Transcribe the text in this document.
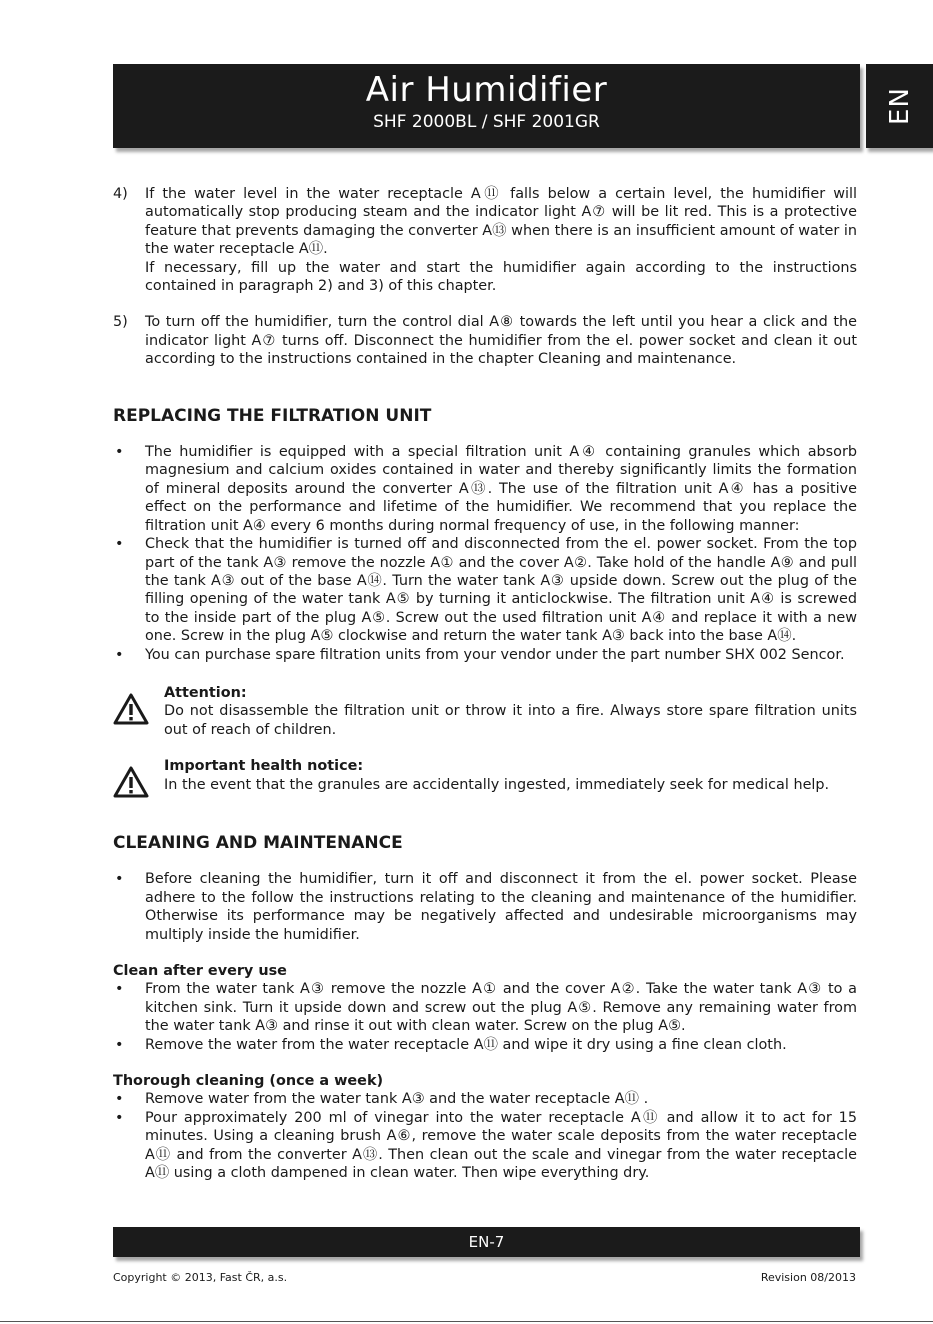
Air Humidifier
SHF 2000BL / SHF 2001GR	EN
4) If the water level in the water receptacle A⑪ falls below a certain level, the humidifier will automatically stop producing steam and the indicator light A⑦ will be lit red. This is a protective feature that prevents damaging the converter A⑬ when there is an insufficient amount of water in the water receptacle A⑪.
If necessary, fill up the water and start the humidifier again according to the instructions contained in paragraph 2) and 3) of this chapter.
5) To turn off the humidifier, turn the control dial A⑧ towards the left until you hear a click and the indicator light A⑦ turns off. Disconnect the humidifier from the el. power socket and clean it out according to the instructions contained in the chapter Cleaning and maintenance.
REPLACING THE FILTRATION UNIT
• The humidifier is equipped with a special filtration unit A④ containing granules which absorb magnesium and calcium oxides contained in water and thereby significantly limits the formation of mineral deposits around the converter A⑬. The use of the filtration unit A④ has a positive effect on the performance and lifetime of the humidifier. We recommend that you replace the filtration unit A④ every 6 months during normal frequency of use, in the following manner:
• Check that the humidifier is turned off and disconnected from the el. power socket. From the top part of the tank A③ remove the nozzle A① and the cover A②. Take hold of the handle A⑨ and pull the tank A③ out of the base A⑭. Turn the water tank A③ upside down. Screw out the plug of the filling opening of the water tank A⑤ by turning it anticlockwise. The filtration unit A④ is screwed to the inside part of the plug A⑤. Screw out the used filtration unit A④ and replace it with a new one. Screw in the plug A⑤ clockwise and return the water tank A③ back into the base A⑭.
• You can purchase spare filtration units from your vendor under the part number SHX 002 Sencor.
Attention:
Do not disassemble the filtration unit or throw it into a fire. Always store spare filtration units out of reach of children.
Important health notice:
In the event that the granules are accidentally ingested, immediately seek for medical help.
CLEANING AND MAINTENANCE
• Before cleaning the humidifier, turn it off and disconnect it from the el. power socket. Please adhere to the follow the instructions relating to the cleaning and maintenance of the humidifier. Otherwise its performance may be negatively affected and undesirable microorganisms may multiply inside the humidifier.
Clean after every use
• From the water tank A③ remove the nozzle A① and the cover A②. Take the water tank A③ to a kitchen sink. Turn it upside down and screw out the plug A⑤. Remove any remaining water from the water tank A③ and rinse it out with clean water. Screw on the plug A⑤.
• Remove the water from the water receptacle A⑪ and wipe it dry using a fine clean cloth.
Thorough cleaning (once a week)
• Remove water from the water tank A③ and the water receptacle A⑪ .
• Pour approximately 200 ml of vinegar into the water receptacle A⑪ and allow it to act for 15 minutes. Using a cleaning brush A⑥, remove the water scale deposits from the water receptacle A⑪ and from the converter A⑬. Then clean out the scale and vinegar from the water receptacle A⑪ using a cloth dampened in clean water. Then wipe everything dry.
EN-7
Copyright © 2013, Fast ČR, a.s.	Revision 08/2013
